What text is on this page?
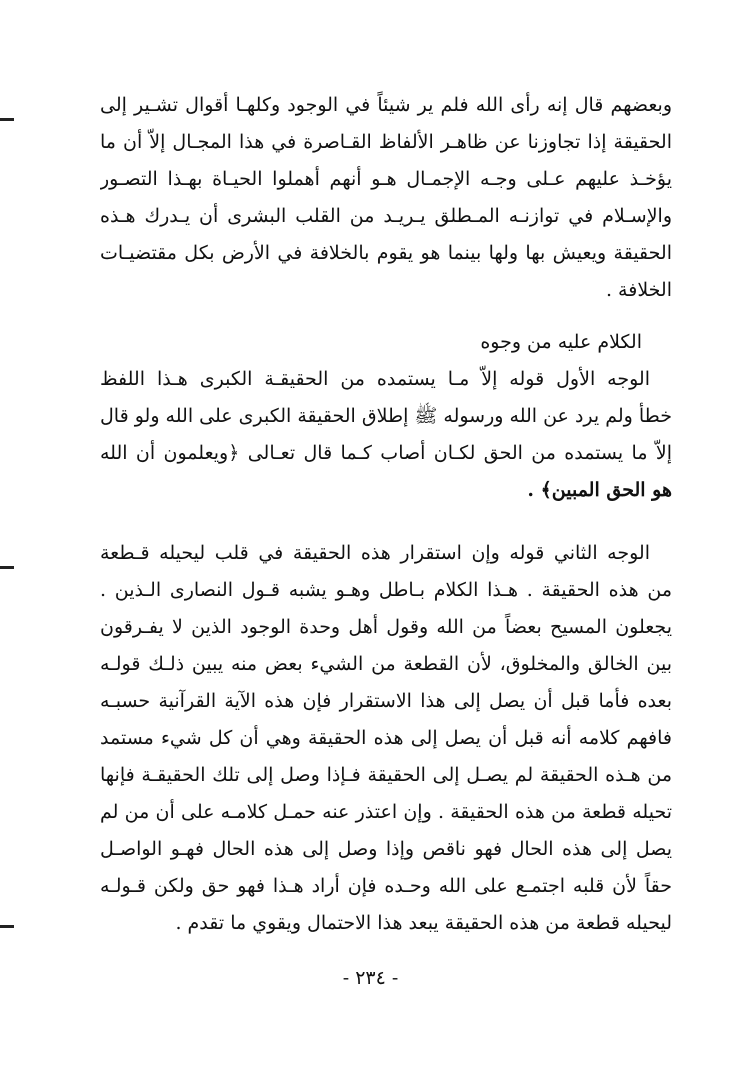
وبعضهم قال إنه رأى الله فلم ير شيئاً في الوجود وكلهـا أقوال تشـير إلى
الحقيقة إذا تجاوزنا عن ظاهـر الألفاظ القـاصرة في هذا المجـال إلاّ أن ما
يؤخـذ عليهم عـلى وجـه الإجمـال هـو أنهم أهملوا الحيـاة بهـذا التصـور
والإسـلام في توازنـه المـطلق يـريـد من القلب البشرى أن يـدرك هـذه
الحقيقة ويعيش بها ولها بينما هو يقوم بالخلافة في الأرض بكل مقتضيـات
الخلافة .
الكلام عليه من وجوه
الوجه الأول قوله إلاّ مـا يستمده من الحقيقـة الكبرى هـذا اللفظ
خطأ ولم يرد عن الله ورسوله ﷺ إطلاق الحقيقة الكبرى على الله ولو قال
إلاّ ما يستمده من الحق لكـان أصاب كـما قال تعـالى ﴿ويعلمون أن الله
هو الحق المبين﴾ .
الوجه الثاني قوله وإن استقرار هذه الحقيقة في قلب ليحيله قـطعة
من هذه الحقيقة . هـذا الكلام بـاطل وهـو يشبه قـول النصارى الـذين .
يجعلون المسيح بعضاً من الله وقول أهل وحدة الوجود الذين لا يفـرقون
بين الخالق والمخلوق، لأن القطعة من الشيء بعض منه يبين ذلـك قولـه
بعده فأما قبل أن يصل إلى هذا الاستقرار فإن هذه الآية القرآنية حسبـه
فافهم كلامه أنه قبل أن يصل إلى هذه الحقيقة وهي أن كل شيء مستمد
من هـذه الحقيقة لم يصـل إلى الحقيقة فـإذا وصل إلى تلك الحقيقـة فإنها
تحيله قطعة من هذه الحقيقة . وإن اعتذر عنه حمـل كلامـه على أن من لم
يصل إلى هذه الحال فهو ناقص وإذا وصل إلى هذه الحال فهـو الواصـل
حقاً لأن قلبه اجتمـع على الله وحـده فإن أراد هـذا فهو حق ولكن قـولـه
ليحيله قطعة من هذه الحقيقة يبعد هذا الاحتمال ويقوي ما تقدم .
- ٢٣٤ -
